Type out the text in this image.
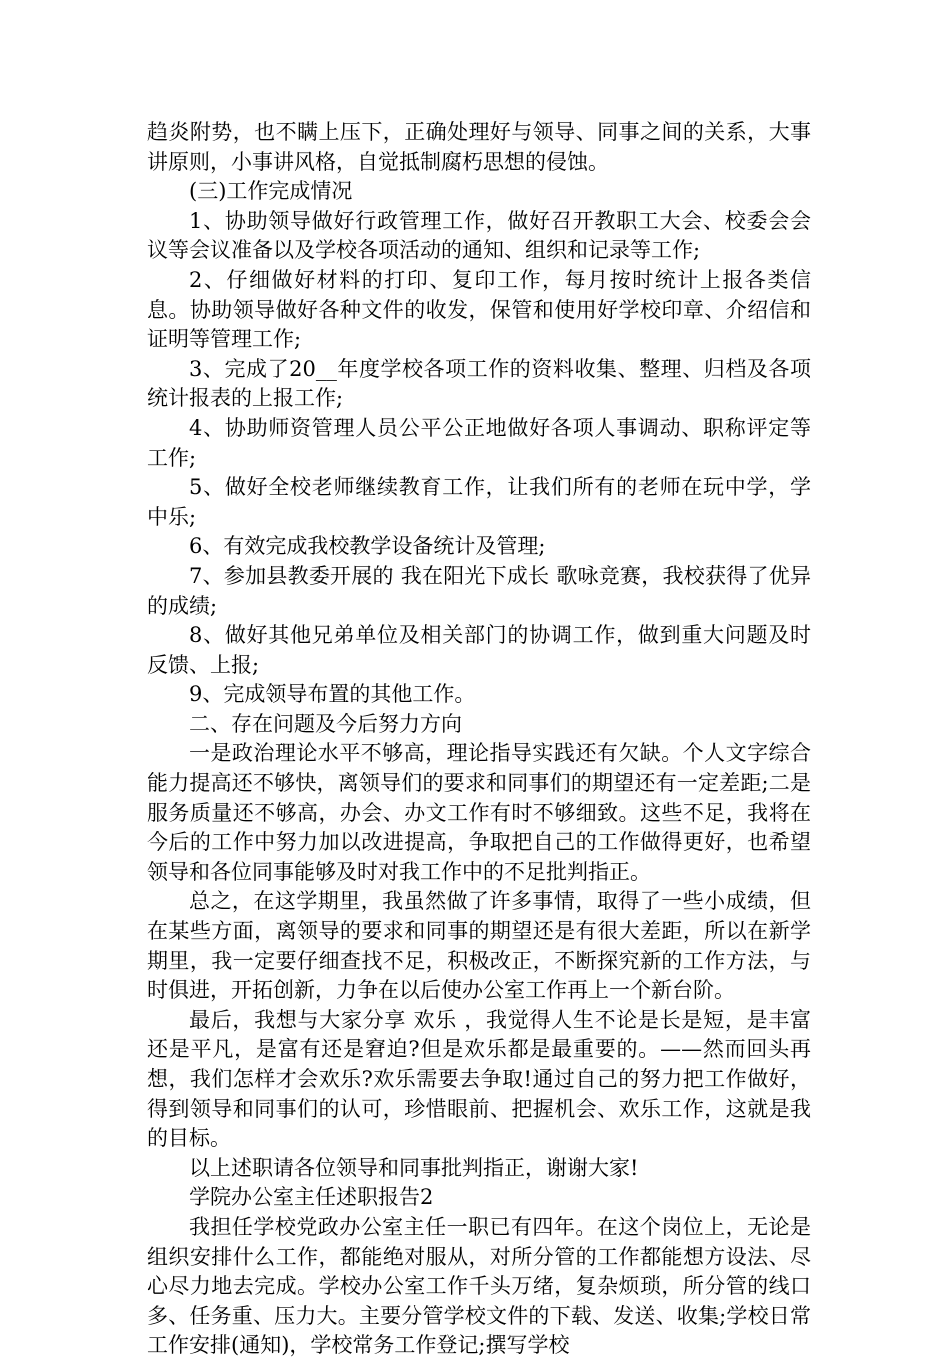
趋炎附势，也不瞒上压下，正确处理好与领导、同事之间的关系，大事讲原则，小事讲风格，自觉抵制腐朽思想的侵蚀。

(三)工作完成情况

1、协助领导做好行政管理工作，做好召开教职工大会、校委会会议等会议准备以及学校各项活动的通知、组织和记录等工作;

2、仔细做好材料的打印、复印工作，每月按时统计上报各类信息。协助领导做好各种文件的收发，保管和使用好学校印章、介绍信和证明等管理工作;

3、完成了20__年度学校各项工作的资料收集、整理、归档及各项统计报表的上报工作;

4、协助师资管理人员公平公正地做好各项人事调动、职称评定等工作;

5、做好全校老师继续教育工作，让我们所有的老师在玩中学，学中乐;

6、有效完成我校教学设备统计及管理;

7、参加县教委开展的 我在阳光下成长 歌咏竞赛，我校获得了优异的成绩;

8、做好其他兄弟单位及相关部门的协调工作，做到重大问题及时反馈、上报;

9、完成领导布置的其他工作。

二、存在问题及今后努力方向

一是政治理论水平不够高，理论指导实践还有欠缺。个人文字综合能力提高还不够快，离领导们的要求和同事们的期望还有一定差距;二是服务质量还不够高，办会、办文工作有时不够细致。这些不足，我将在今后的工作中努力加以改进提高，争取把自己的工作做得更好，也希望领导和各位同事能够及时对我工作中的不足批判指正。

总之，在这学期里，我虽然做了许多事情，取得了一些小成绩，但在某些方面，离领导的要求和同事的期望还是有很大差距，所以在新学期里，我一定要仔细查找不足，积极改正，不断探究新的工作方法，与时俱进，开拓创新，力争在以后使办公室工作再上一个新台阶。

最后，我想与大家分享 欢乐 ，我觉得人生不论是长是短，是丰富还是平凡，是富有还是窘迫?但是欢乐都是最重要的。——然而回头再想，我们怎样才会欢乐?欢乐需要去争取!通过自己的努力把工作做好，得到领导和同事们的认可，珍惜眼前、把握机会、欢乐工作，这就是我的目标。

以上述职请各位领导和同事批判指正，谢谢大家!

学院办公室主任述职报告2

我担任学校党政办公室主任一职已有四年。在这个岗位上，无论是组织安排什么工作，都能绝对服从，对所分管的工作都能想方设法、尽心尽力地去完成。学校办公室工作千头万绪，复杂烦琐，所分管的线口多、任务重、压力大。主要分管学校文件的下载、发送、收集;学校日常工作安排(通知)，学校常务工作登记;撰写学校
